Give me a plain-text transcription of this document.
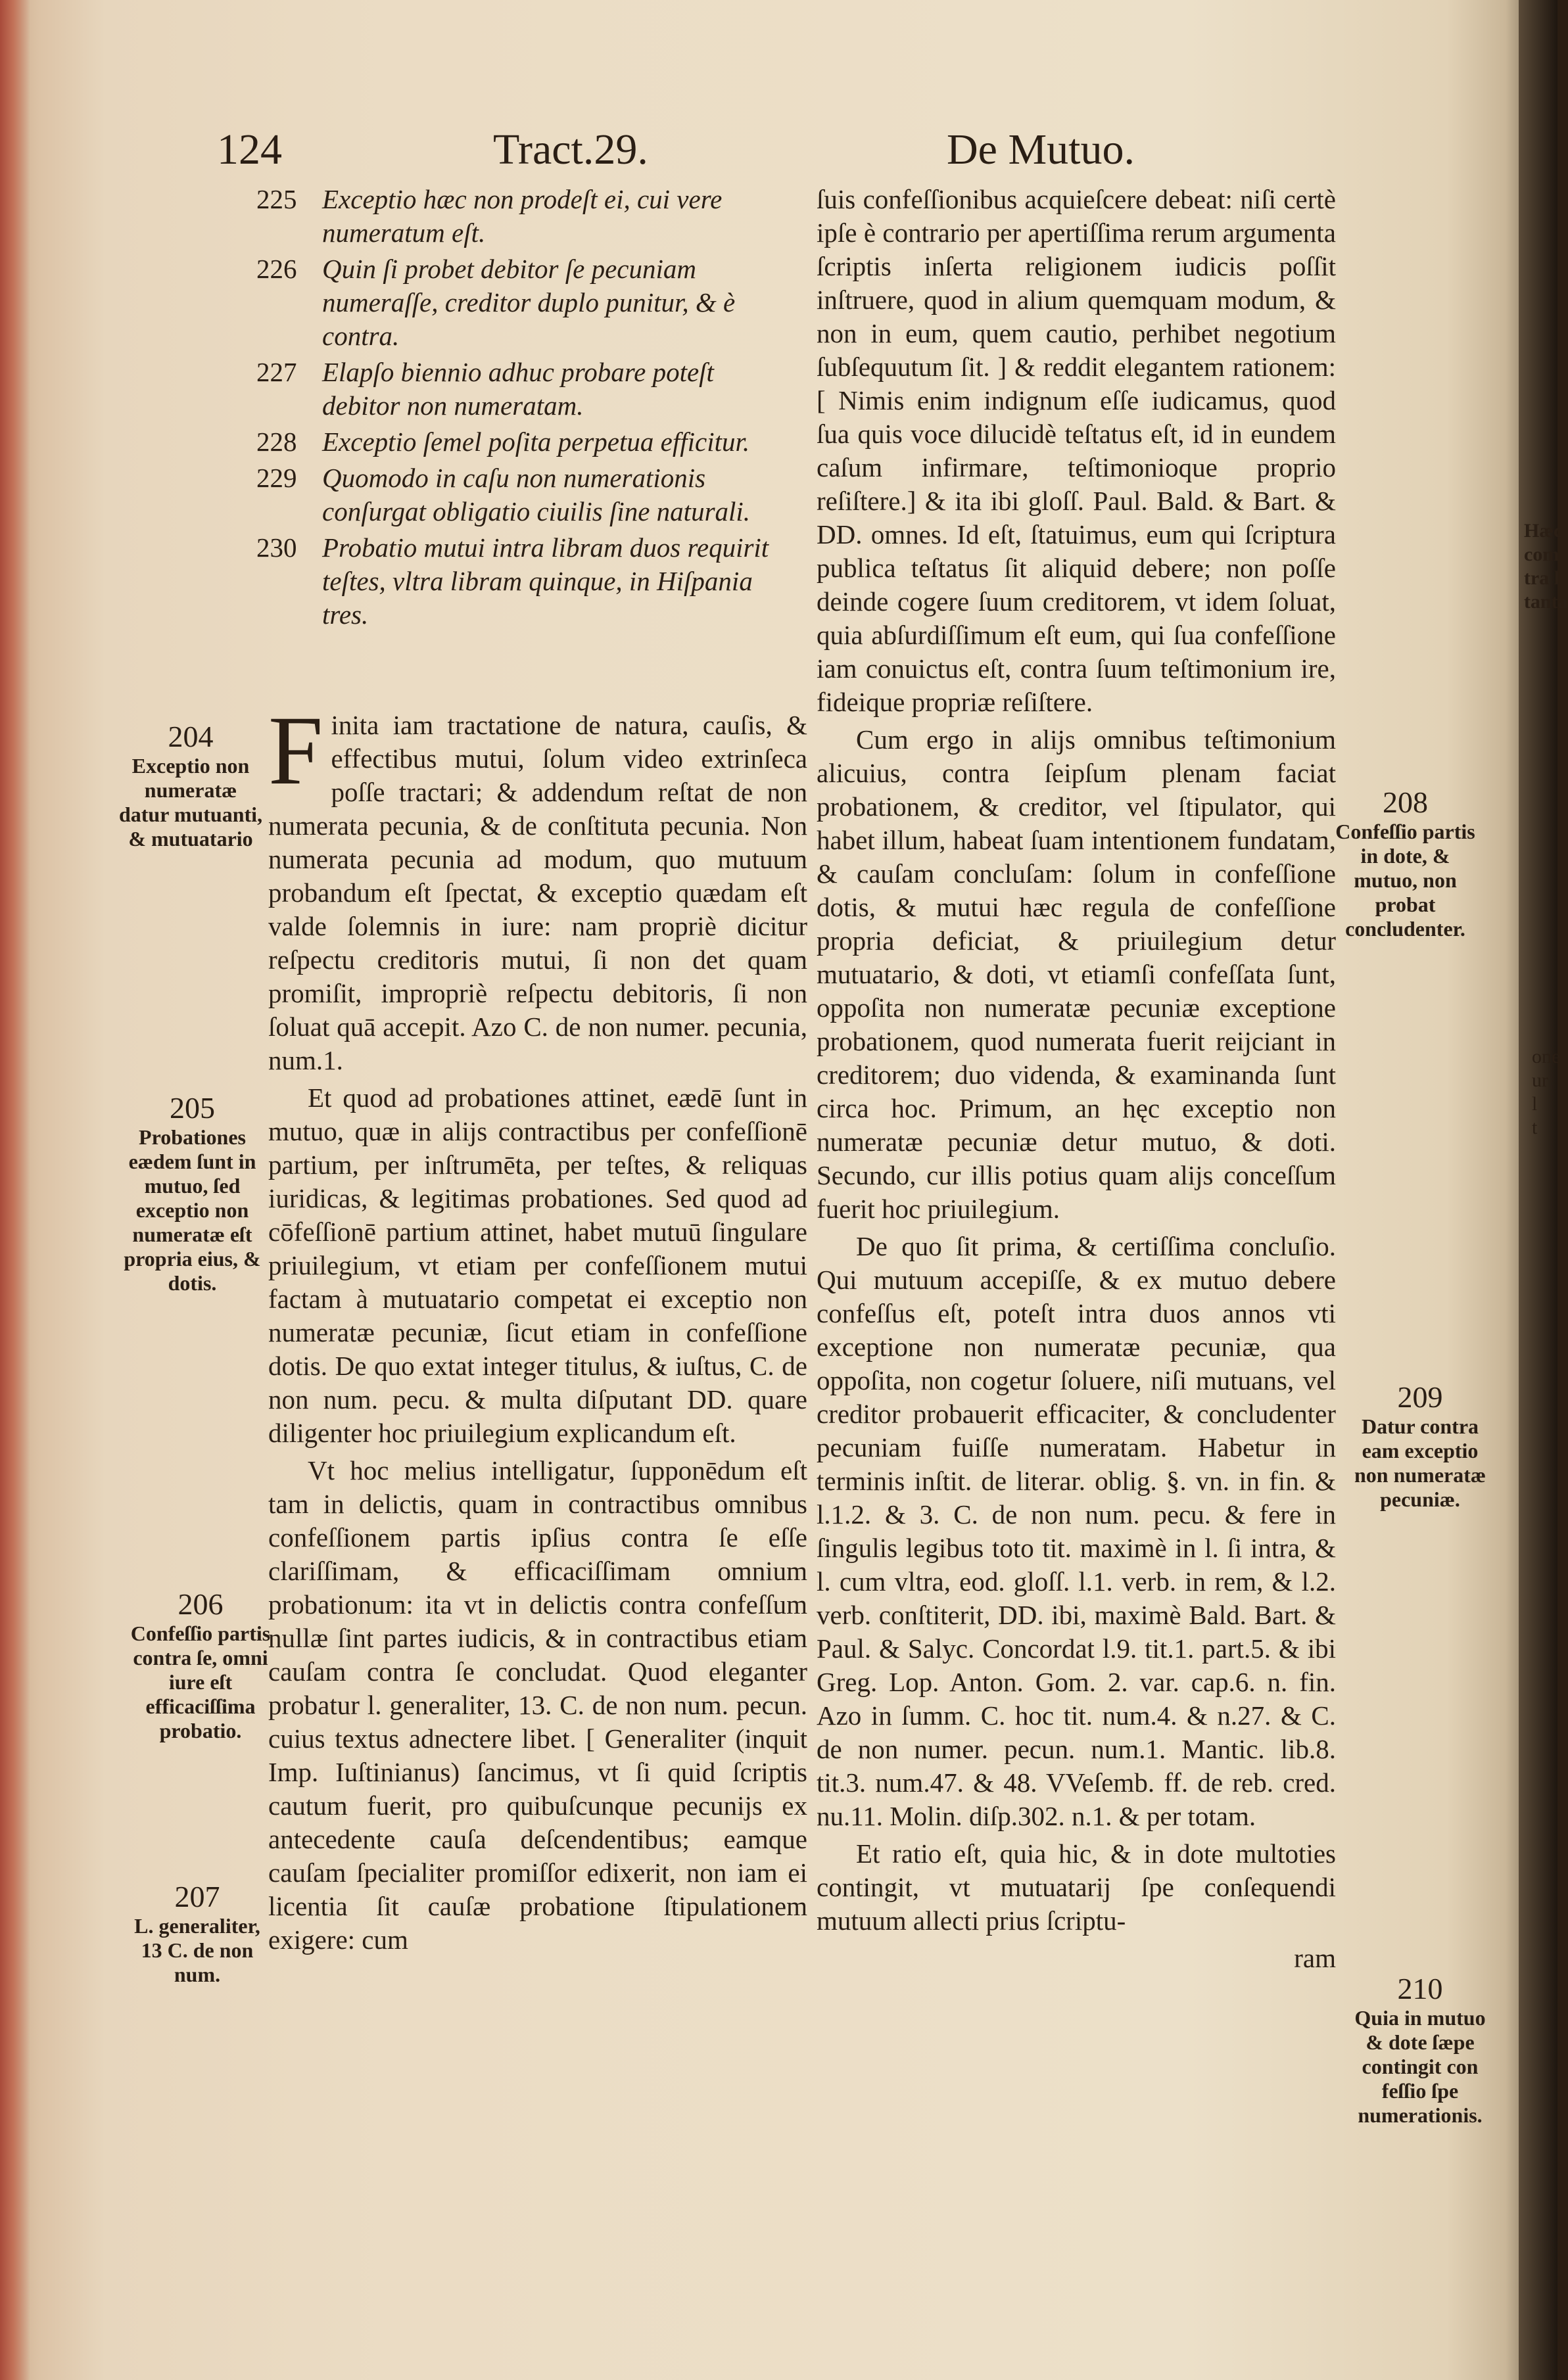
124	Tract.29.	De Mutuo.
225 Exceptio hæc non prodeſt ei, cui vere numeratum eſt.
226 Quin ſi probet debitor ſe pecuniam numeraſſe, creditor duplo punitur, & è contra.
227 Elapſo biennio adhuc probare poteſt debitor non numeratam.
228 Exceptio ſemel poſita perpetua efficitur.
229 Quomodo in caſu non numerationis conſurgat obligatio ciuilis ſine naturali.
230 Probatio mutui intra libram duos requirit teſtes, vltra libram quinque, in Hiſpania tres.

Finita iam tractatione de natura, cauſis, & effectibus mutui, ſolum video extrinſeca poſſe tractari; & addendum reſtat de non numerata pecunia, & de conſtituta pecunia. Non numerata pecunia ad modum, quo mutuum probandum eſt ſpectat, & exceptio quædam eſt valde ſolemnis in iure: nam propriè dicitur reſpectu creditoris mutui, ſi non det quam promiſit, impropriè reſpectu debitoris, ſi non ſoluat quā accepit. Azo C. de non numer. pecunia, num.1.

Et quod ad probationes attinet, eædē ſunt in mutuo, quæ in alijs contractibus per confeſſionē partium, per inſtrumēta, per teſtes, & reliquas iuridicas, & legitimas probationes. Sed quod ad cōfeſſionē partium attinet, habet mutuū ſingulare priuilegium, vt etiam per confeſſionem mutui factam à mutuatario competat ei exceptio non numeratæ pecuniæ, ſicut etiam in confeſſione dotis. De quo extat integer titulus, & iuſtus, C. de non num. pecu. & multa diſputant DD. quare diligenter hoc priuilegium explicandum eſt.

Vt hoc melius intelligatur, ſupponēdum eſt tam in delictis, quam in contractibus omnibus confeſſionem partis ipſius contra ſe eſſe clariſſimam, & efficaciſſimam omnium probationum: ita vt in delictis contra confeſſum nullæ ſint partes iudicis, & in contractibus etiam cauſam contra ſe concludat. Quod eleganter probatur l. generaliter, 13. C. de non num. pecun. cuius textus adnectere libet. [ Generaliter (inquit Imp. Iuſtinianus) ſancimus, vt ſi quid ſcriptis cautum fuerit, pro quibuſcunque pecunijs ex antecedente cauſa deſcendentibus; eamque cauſam ſpecialiter promiſſor edixerit, non iam ei licentia ſit cauſæ probatione ſtipulationem exigere: cum

ſuis confeſſionibus acquieſcere debeat: niſi certè ipſe è contrario per apertiſſima rerum argumenta ſcriptis inſerta religionem iudicis poſſit inſtruere, quod in alium quemquam modum, & non in eum, quem cautio, perhibet negotium ſubſequutum ſit. ] & reddit elegantem rationem: [ Nimis enim indignum eſſe iudicamus, quod ſua quis voce dilucidè teſtatus eſt, id in eundem caſum infirmare, teſtimonioque proprio reſiſtere.] & ita ibi gloſſ. Paul. Bald. & Bart. & DD. omnes. Id eſt, ſtatuimus, eum qui ſcriptura publica teſtatus ſit aliquid debere; non poſſe deinde cogere ſuum creditorem, vt idem ſoluat, quia abſurdiſſimum eſt eum, qui ſua confeſſione iam conuictus eſt, contra ſuum teſtimonium ire, fideique propriæ reſiſtere.

Cum ergo in alijs omnibus teſtimonium alicuius, contra ſeipſum plenam faciat probationem, & creditor, vel ſtipulator, qui habet illum, habeat ſuam intentionem fundatam, & cauſam concluſam: ſolum in confeſſione dotis, & mutui hæc regula de confeſſione propria deficiat, & priuilegium detur mutuatario, & doti, vt etiamſi confeſſata ſunt, oppoſita non numeratæ pecuniæ exceptione probationem, quod numerata fuerit reijciant in creditorem; duo videnda, & examinanda ſunt circa hoc. Primum, an hęc exceptio non numeratæ pecuniæ detur mutuo, & doti. Secundo, cur illis potius quam alijs conceſſum fuerit hoc priuilegium.

De quo ſit prima, & certiſſima concluſio. Qui mutuum accepiſſe, & ex mutuo debere confeſſus eſt, poteſt intra duos annos vti exceptione non numeratæ pecuniæ, qua oppoſita, non cogetur ſoluere, niſi mutuans, vel creditor probauerit efficaciter, & concludenter pecuniam fuiſſe numeratam. Habetur in terminis inſtit. de literar. oblig. §. vn. in fin. & l.1.2. & 3. C. de non num. pecu. & fere in ſingulis legibus toto tit. maximè in l. ſi intra, & l. cum vltra, eod. gloſſ. l.1. verb. in rem, & l.2. verb. conſtiterit, DD. ibi, maximè Bald. Bart. & Paul. & Salyc. Concordat l.9. tit.1. part.5. & ibi Greg. Lop. Anton. Gom. 2. var. cap.6. n. fin. Azo in ſumm. C. hoc tit. num.4. & n.27. & C. de non numer. pecun. num.1. Mantic. lib.8. tit.3. num.47. & 48. VVeſemb. ff. de reb. cred. nu.11. Molin. diſp.302. n.1. & per totam.

Et ratio eſt, quia hic, & in dote multoties contingit, vt mutuatarij ſpe conſequendi mutuum allecti prius ſcriptu-

ram

204
Exceptio non numeratæ datur mutuanti, & mutuatario
205
Probationes eædem ſunt in mutuo, ſed exceptio non numeratæ eſt propria eius, & dotis.
206
Confeſſio partis contra ſe, omni iure eſt efficaciſſima probatio.
207
L. generaliter, 13 C. de non num.
208
Confeſſio partis in dote, & mutuo, non probat concludenter.
209
Datur contra eam exceptio non numeratæ pecuniæ.
210
Quia in mutuo & dote ſæpe contingit con feſſio ſpe numerationis.
Hæc
com
tra l
tanta
one
ur
l
t
